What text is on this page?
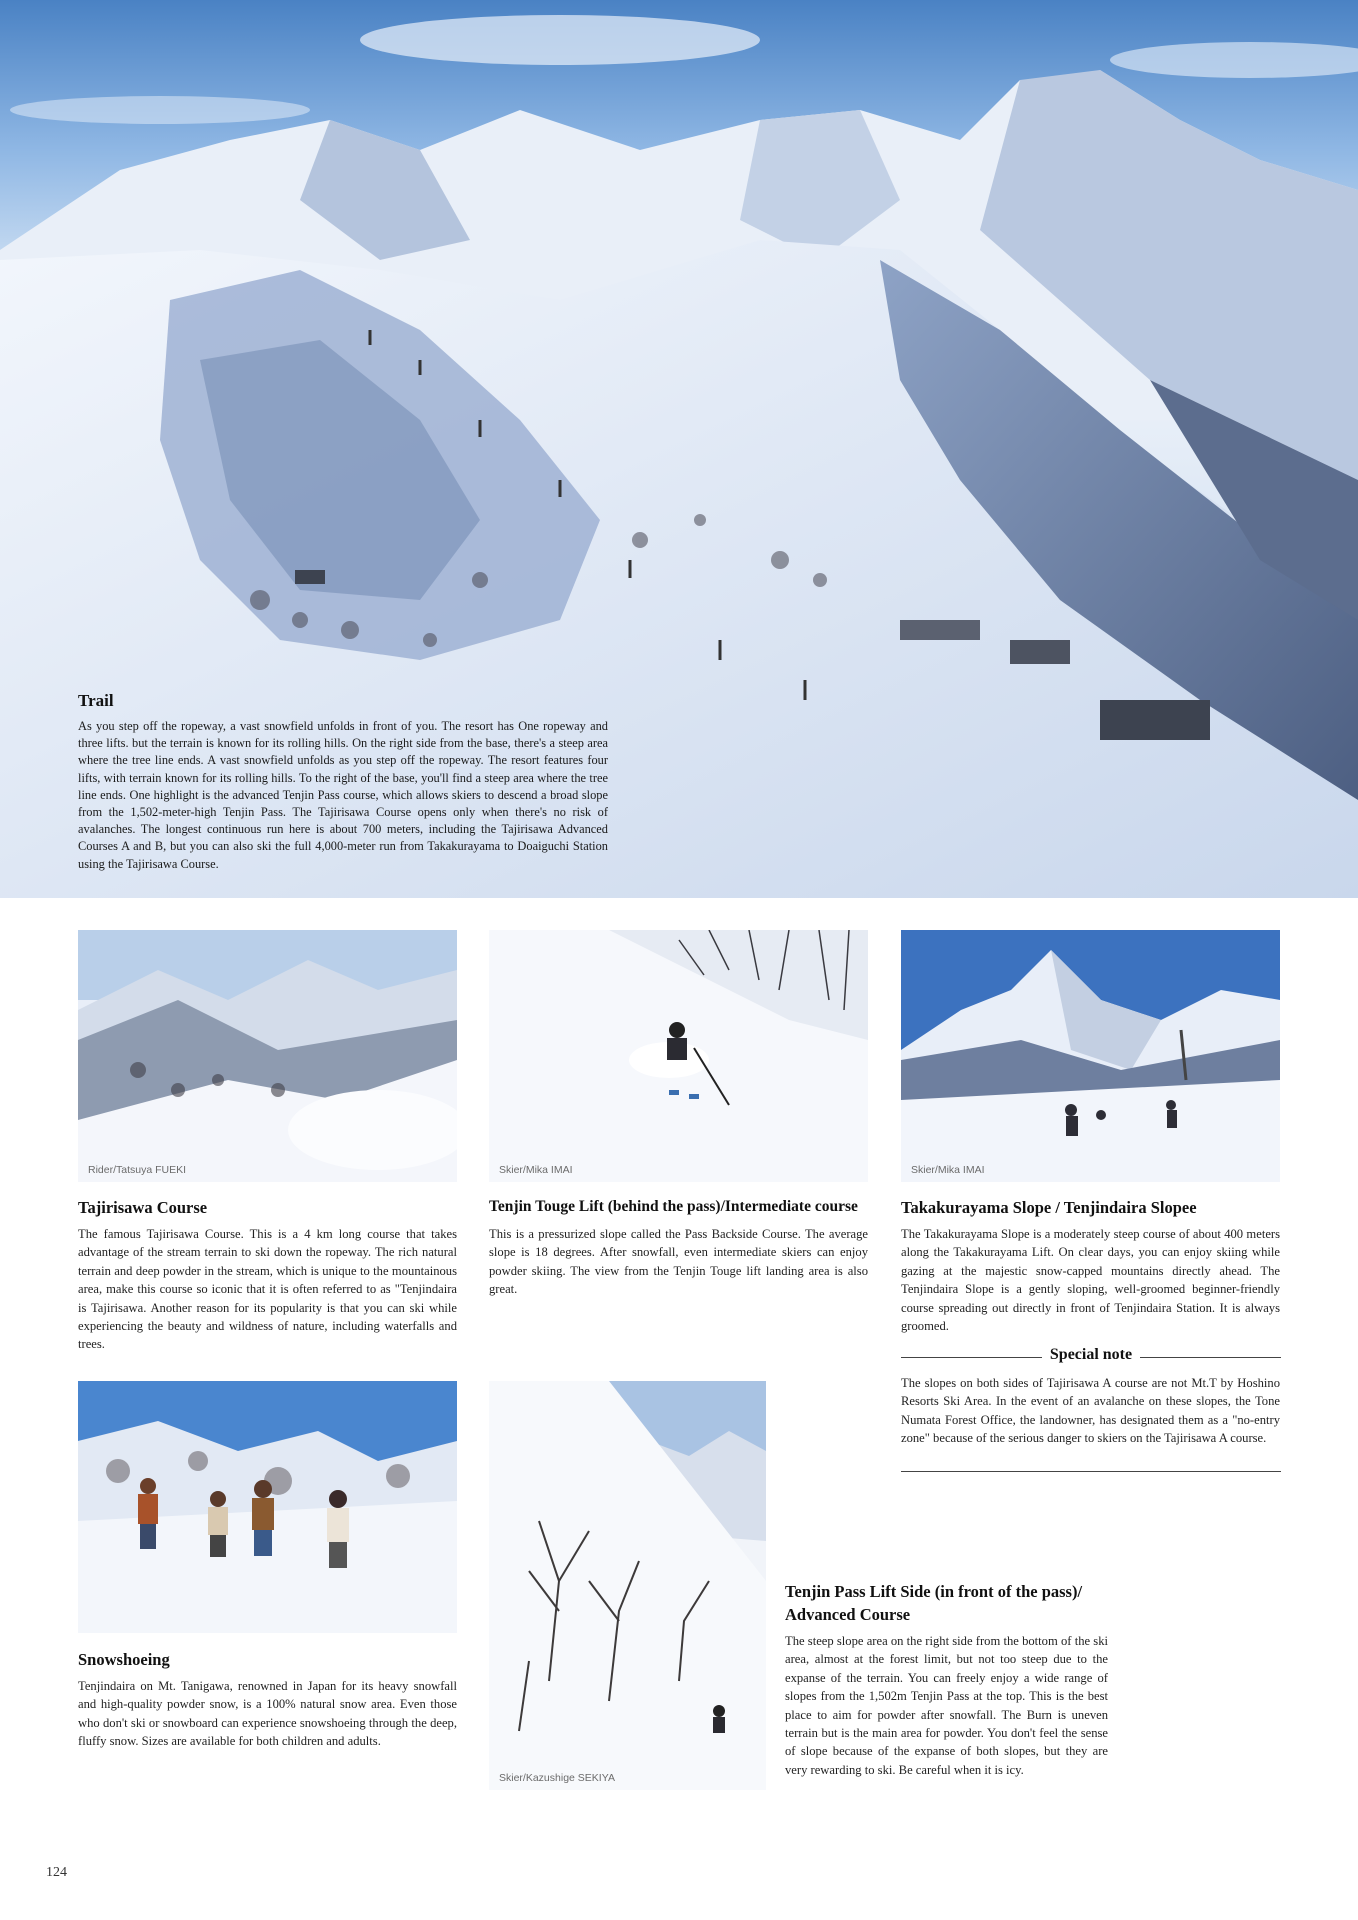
Trail

As you step off the ropeway, a vast snowfield unfolds in front of you. The resort has One ropeway and three lifts. but the terrain is known for its rolling hills. On the right side from the base, there's a steep area where the tree line ends. A vast snowfield unfolds as you step off the ropeway. The resort features four lifts, with terrain known for its rolling hills. To the right of the base, you'll find a steep area where the tree line ends. One highlight is the advanced Tenjin Pass course, which allows skiers to descend a broad slope from the 1,502-meter-high Tenjin Pass. The Tajirisawa Course opens only when there's no risk of avalanches. The longest continuous run here is about 700 meters, including the Tajirisawa Advanced Courses A and B, but you can also ski the full 4,000-meter run from Takakurayama to Doaiguchi Station using the Tajirisawa Course.

Rider/Tatsuya FUEKI	Skier/Mika IMAI	Skier/Mika IMAI
Tajirisawa Course
The famous Tajirisawa Course. This is a 4 km long course that takes advantage of the stream terrain to ski down the ropeway. The rich natural terrain and deep powder in the stream, which is unique to the mountainous area, make this course so iconic that it is often referred to as "Tenjindaira is Tajirisawa. Another reason for its popularity is that you can ski while experiencing the beauty and wildness of nature, including waterfalls and trees.
Tenjin Touge Lift (behind the pass)/Intermediate course
This is a pressurized slope called the Pass Backside Course. The average slope is 18 degrees. After snowfall, even intermediate skiers can enjoy powder skiing. The view from the Tenjin Touge lift landing area is also great.
Takakurayama Slope / Tenjindaira Slopee
The Takakurayama Slope is a moderately steep course of about 400 meters along the Takakurayama Lift. On clear days, you can enjoy skiing while gazing at the majestic snow-capped mountains directly ahead. The Tenjindaira Slope is a gently sloping, well-groomed beginner-friendly course spreading out directly in front of Tenjindaira Station. It is always groomed.
Special note
The slopes on both sides of Tajirisawa A course are not Mt.T by Hoshino Resorts Ski Area. In the event of an avalanche on these slopes, the Tone Numata Forest Office, the landowner, has designated them as a "no-entry zone" because of the serious danger to skiers on the Tajirisawa A course.
Skier/Kazushige SEKIYA
Snowshoeing
Tenjindaira on Mt. Tanigawa, renowned in Japan for its heavy snowfall and high-quality powder snow, is a 100% natural snow area. Even those who don't ski or snowboard can experience snowshoeing through the deep, fluffy snow. Sizes are available for both children and adults.
Tenjin Pass Lift Side (in front of the pass)/
Advanced Course
The steep slope area on the right side from the bottom of the ski area, almost at the forest limit, but not too steep due to the expanse of the terrain. You can freely enjoy a wide range of slopes from the 1,502m Tenjin Pass at the top. This is the best place to aim for powder after snowfall. The Burn is uneven terrain but is the main area for powder. You don't feel the sense of slope because of the expanse of both slopes, but they are very rewarding to ski. Be careful when it is icy.
124
